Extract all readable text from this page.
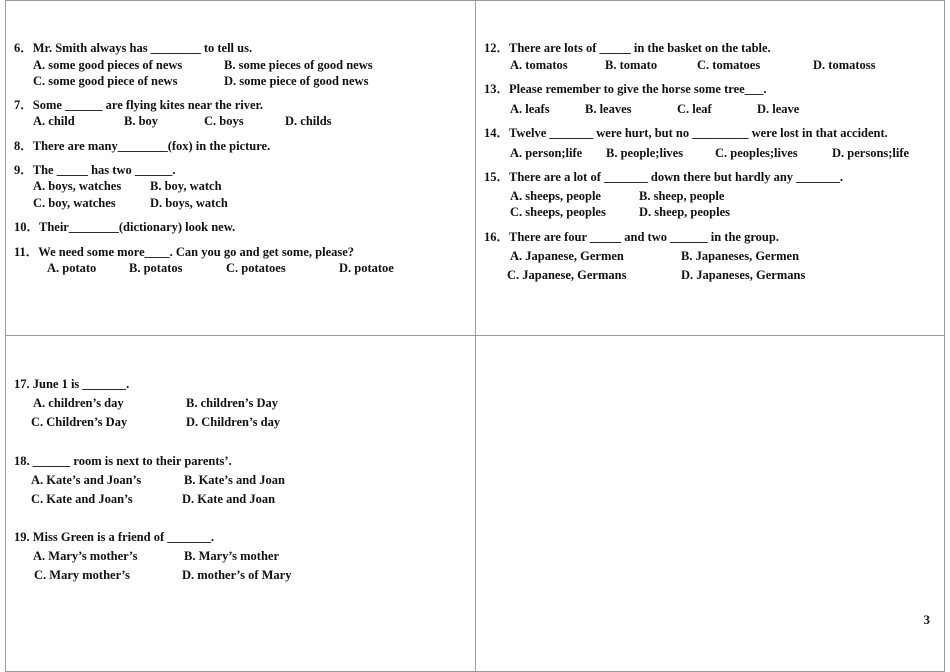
6．Mr. Smith always has ________ to tell us.
A. some good pieces of news	B. some pieces of good news
C. some good piece of news	D. some piece of good news
7．Some ______ are flying kites near the river.
A. child	B. boy	C. boys	D. childs
8．There are many________(fox) in the picture.
9．The _____ has two ______.
A. boys, watches B. boy, watch
C. boy, watches	D. boys, watch
10．Their________(dictionary) look new.
11．We need some more____. Can you go and get some, please?
A. potato	B. potatos	C. potatoes	D. potatoe
12．There are lots of _____ in the basket on the table.
A. tomatos	B. tomato	C. tomatoes	D. tomatoss
13．Please remember to give the horse some tree___.
A. leafs	B. leaves	C. leaf	D. leave
14．Twelve _______ were hurt, but no _________ were lost in that accident.
A. person;life B. people;lives	C. peoples;lives	D. persons;life
15．There are a lot of _______ down there but hardly any _______.
A. sheeps, people	B. sheep, people
C. sheeps, peoples	D. sheep, peoples
16．There are four _____ and two ______ in the group.
A. Japanese, Germen	B. Japaneses, Germen
C. Japanese, Germans	D. Japaneses, Germans
17. June 1 is _______.
A. children’s day	B. children’s Day
C. Children’s Day	D. Children’s day
18. ______ room is next to their parents’.
A. Kate’s and Joan’s	B. Kate’s and Joan
C. Kate and Joan’s	D. Kate and Joan
19. Miss Green is a friend of _______.
A. Mary’s mother’s	B. Mary’s mother
C. Mary mother’s	D. mother’s of Mary
3
